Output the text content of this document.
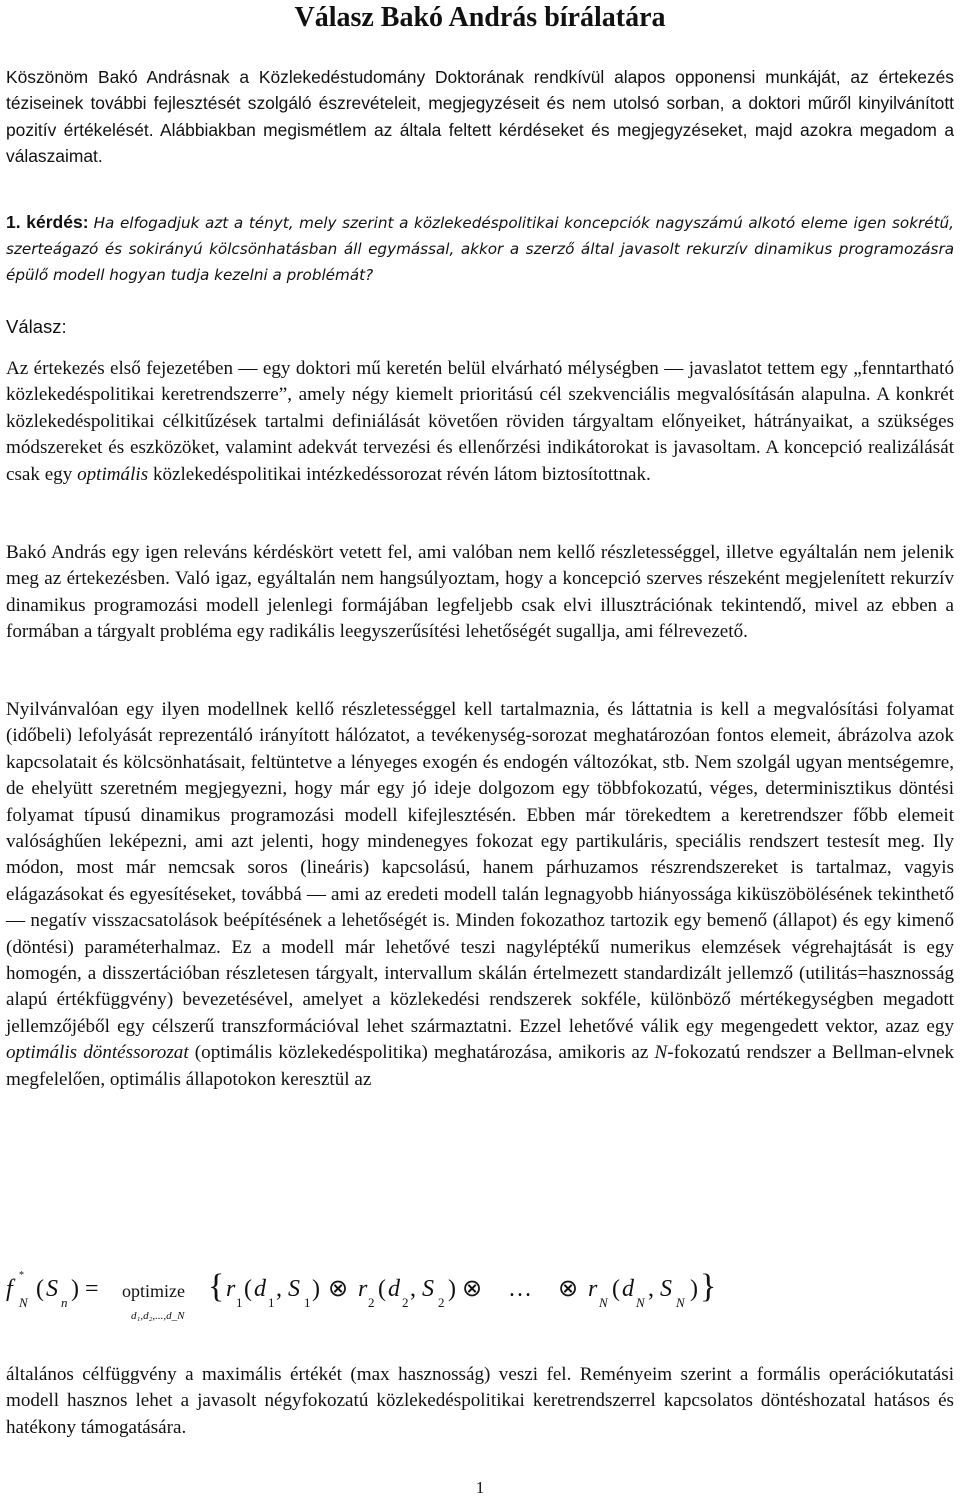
Válasz Bakó András bírálatára

Köszönöm Bakó Andrásnak a Közlekedéstudomány Doktorának rendkívül alapos opponensi munkáját, az értekezés téziseinek további fejlesztését szolgáló észrevételeit, megjegyzéseit és nem utolsó sorban, a doktori műről kinyilvánított pozitív értékelését. Alábbiakban megismétlem az általa feltett kérdéseket és megjegyzéseket, majd azokra megadom a válaszaimat.

1. kérdés: Ha elfogadjuk azt a tényt, mely szerint a közlekedéspolitikai koncepciók nagyszámú alkotó eleme igen sokrétű, szerteágazó és sokirányú kölcsönhatásban áll egymással, akkor a szerző által javasolt rekurzív dinamikus programozásra épülő modell hogyan tudja kezelni a problémát?

Válasz:

Az értekezés első fejezetében — egy doktori mű keretén belül elvárható mélységben — javaslatot tettem egy „fenntartható közlekedéspolitikai keretrendszerre”, amely négy kiemelt prioritású cél szekvenciális megvalósításán alapulna. A konkrét közlekedéspolitikai célkitűzések tartalmi definiálását követően röviden tárgyaltam előnyeiket, hátrányaikat, a szükséges módszereket és eszközöket, valamint adekvát tervezési és ellenőrzési indikátorokat is javasoltam. A koncepció realizálását csak egy optimális közlekedéspolitikai intézkedéssorozat révén látom biztosítottnak.

Bakó András egy igen releváns kérdéskört vetett fel, ami valóban nem kellő részletességgel, illetve egyáltalán nem jelenik meg az értekezésben. Való igaz, egyáltalán nem hangsúlyoztam, hogy a koncepció szerves részeként megjelenített rekurzív dinamikus programozási modell jelenlegi formájában legfeljebb csak elvi illusztrációnak tekintendő, mivel az ebben a formában a tárgyalt probléma egy radikális leegyszerűsítési lehetőségét sugallja, ami félrevezető.

Nyilvánvalóan egy ilyen modellnek kellő részletességgel kell tartalmaznia, és láttatnia is kell a megvalósítási folyamat (időbeli) lefolyását reprezentáló irányított hálózatot, a tevékenység-sorozat meghatározóan fontos elemeit, ábrázolva azok kapcsolatait és kölcsönhatásait, feltüntetve a lényeges exogén és endogén változókat, stb. Nem szolgál ugyan mentségemre, de ehelyütt szeretném megjegyezni, hogy már egy jó ideje dolgozom egy többfokozatú, véges, determinisztikus döntési folyamat típusú dinamikus programozási modell kifejlesztésén. Ebben már törekedtem a keretrendszer főbb elemeit valósághűen leképezni, ami azt jelenti, hogy mindenegyes fokozat egy partikuláris, speciális rendszert testesít meg. Ily módon, most már nemcsak soros (lineáris) kapcsolású, hanem párhuzamos részrendszereket is tartalmaz, vagyis elágazásokat és egyesítéseket, továbbá — ami az eredeti modell talán legnagyobb hiányossága kiküszöbölésének tekinthető — negatív visszacsatolások beépítésének a lehetőségét is. Minden fokozathoz tartozik egy bemenő (állapot) és egy kimenő (döntési) paraméterhalmaz. Ez a modell már lehetővé teszi nagyléptékű numerikus elemzések végrehajtását is egy homogén, a disszertációban részletesen tárgyalt, intervallum skálán értelmezett standardizált jellemző (utilitás=hasznosság alapú értékfüggvény) bevezetésével, amelyet a közlekedési rendszerek sokféle, különböző mértékegységben megadott jellemzőjéből egy célszerű transzformációval lehet származtatni. Ezzel lehetővé válik egy megengedett vektor, azaz egy optimális döntéssorozat (optimális közlekedéspolitika) meghatározása, amikoris az N-fokozatú rendszer a Bellman-elvnek megfelelően, optimális állapotokon keresztül az

f
*
N
( S
n
) = optimize
d₁,d₂,...,d_N
{ r
1
( d
1
, S
1
) ⊗ r
2
( d
2
, S
2
) ⊗ … ⊗ r
N
( d
N
, S
N
) }

általános célfüggvény a maximális értékét (max hasznosság) veszi fel. Reményeim szerint a formális operációkutatási modell hasznos lehet a javasolt négyfokozatú közlekedéspolitikai keretrendszerrel kapcsolatos döntéshozatal hatásos és hatékony támogatására.

1
